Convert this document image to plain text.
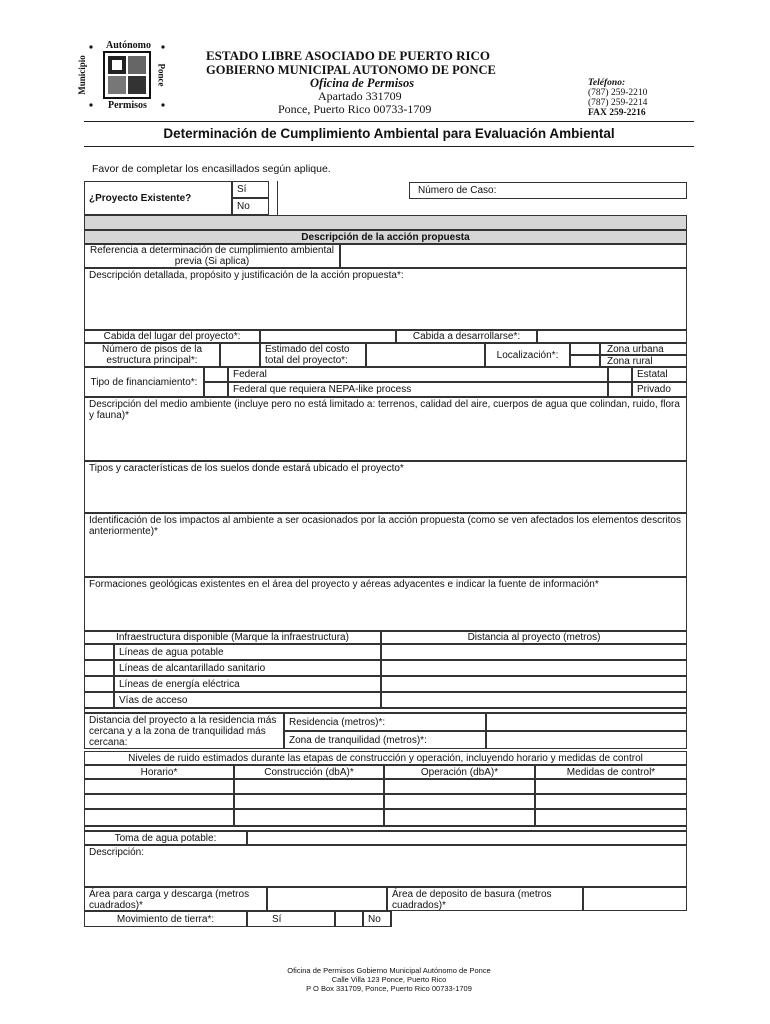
Autónomo
Municipio	Ponce
Permisos
ESTADO LIBRE ASOCIADO DE PUERTO RICO
GOBIERNO MUNICIPAL AUTONOMO DE PONCE
Oficina de Permisos
Apartado 331709
Ponce, Puerto Rico 00733-1709
Teléfono:
(787) 259-2210
(787) 259-2214
FAX 259-2216
Determinación de Cumplimiento Ambiental para Evaluación Ambiental
Favor de completar los encasillados según aplique.
¿Proyecto Existente?
Sí
No
Número de Caso:
Descripción de la acción propuesta
Referencia a determinación de cumplimiento ambiental previa (Si aplica)
Descripción detallada, propósito y justificación de la acción propuesta*:
Cabida del lugar del proyecto*:	Cabida a desarrollarse*:
Número de pisos de la estructura principal*:
Estimado del costo total del proyecto*:	Localización*:
Zona urbana
Zona rural
Tipo de financiamiento*:
Federal
Federal que requiera NEPA-like process
Estatal
Privado
Descripción del medio ambiente (incluye pero no está limitado a: terrenos, calidad del aire, cuerpos de agua que colindan, ruido, flora y fauna)*
Tipos y características de los suelos donde estará ubicado el proyecto*
Identificación de los impactos al ambiente a ser ocasionados por la acción propuesta (como se ven afectados los elementos descritos anteriormente)*
Formaciones geológicas existentes en el área del proyecto y aéreas adyacentes e indicar la fuente de información*
Infraestructura disponible (Marque la infraestructura)	Distancia al proyecto (metros)
Líneas de agua potable
Líneas de alcantarillado sanitario
Líneas de energía eléctrica
Vías de acceso
Distancia del proyecto a la residencia más cercana y a la zona de tranquilidad más cercana:
Residencia (metros)*:
Zona de tranquilidad (metros)*:
Niveles de ruido estimados durante las etapas de construcción y operación, incluyendo horario y medidas de control
Horario*	Construcción (dbA)*	Operación (dbA)*	Medidas de control*
Toma de agua potable:
Descripción:
Área para carga y descarga (metros cuadrados)*
Área de deposito de basura (metros cuadrados)*
Movimiento de tierra*:	Sí	No
Oficina de Permisos Gobierno Municipal Autónomo de Ponce
Calle Villa 123 Ponce, Puerto Rico
P O Box 331709, Ponce, Puerto Rico 00733-1709
